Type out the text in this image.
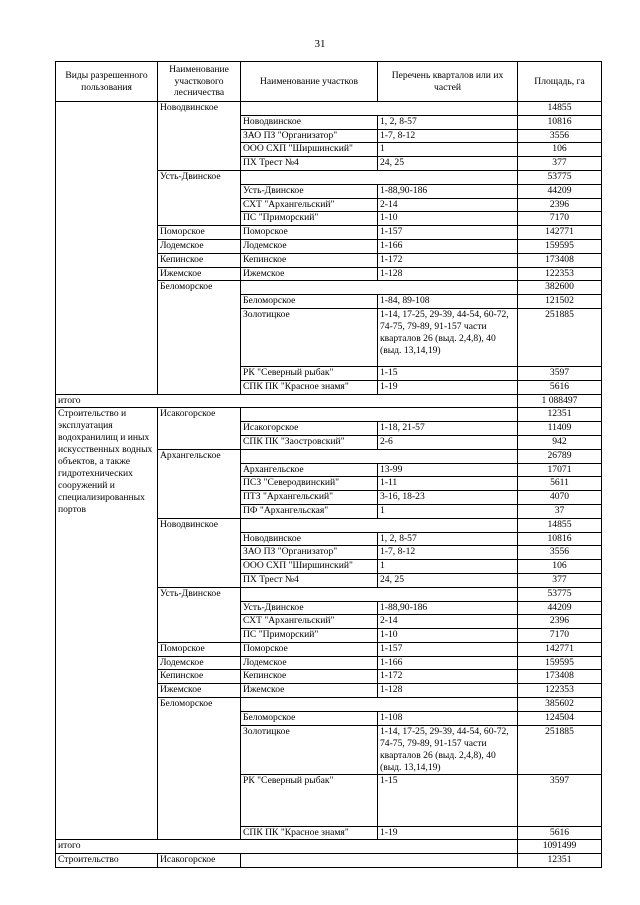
31
Виды разрешенного пользования	Наименование участкового лесничества	Наименование участков	Перечень кварталов или их частей	Площадь, га
	Новодвинское			14855
		Новодвинское	1, 2, 8-57	10816
		ЗАО ПЗ "Организатор"	1-7, 8-12	3556
		ООО СХП "Ширшинский"	1	106
		ПХ Трест №4	24, 25	377
	Усть-Двинское			53775
		Усть-Двинское	1-88,90-186	44209
		СХТ "Архангельский"	2-14	2396
		ПС "Приморский"	1-10	7170
	Поморское	Поморское	1-157	142771
	Лодемское	Лодемское	1-166	159595
	Кепинское	Кепинское	1-172	173408
	Ижемское	Ижемское	1-128	122353
	Беломорское			382600
		Беломорское	1-84, 89-108	121502
		Золотицкое	1-14, 17-25, 29-39, 44-54, 60-72, 74-75, 79-89, 91-157 части кварталов 26 (выд. 2,4,8), 40 (выд. 13,14,19)	251885
		РК "Северный рыбак"	1-15	3597
		СПК ПК "Красное знамя"	1-19	5616
итого				1 088497
Строительство и эксплуатация водохранилищ и иных искусственных водных объектов, а также гидротехнических сооружений и специализированных портов	Исакогорское			12351
		Исакогорское	1-18, 21-57	11409
		СПК ПК "Заостровский"	2-6	942
	Архангельское			26789
		Архангельское	13-99	17071
		ПСЗ "Северодвинский"	1-11	5611
		ПТЗ "Архангельский"	3-16, 18-23	4070
		ПФ "Архангельская"	1	37
	Новодвинское			14855
		Новодвинское	1, 2, 8-57	10816
		ЗАО ПЗ "Организатор"	1-7, 8-12	3556
		ООО СХП "Ширшинский"	1	106
		ПХ Трест №4	24, 25	377
	Усть-Двинское			53775
		Усть-Двинское	1-88,90-186	44209
		СХТ "Архангельский"	2-14	2396
		ПС "Приморский"	1-10	7170
	Поморское	Поморское	1-157	142771
	Лодемское	Лодемское	1-166	159595
	Кепинское	Кепинское	1-172	173408
	Ижемское	Ижемское	1-128	122353
	Беломорское			385602
		Беломорское	1-108	124504
		Золотицкое	1-14, 17-25, 29-39, 44-54, 60-72, 74-75, 79-89, 91-157 части кварталов 26 (выд. 2,4,8), 40 (выд. 13,14,19)	251885
		РК "Северный рыбак"	1-15	3597
		СПК ПК "Красное знамя"	1-19	5616
итого				1091499
Строительство	Исакогорское			12351
